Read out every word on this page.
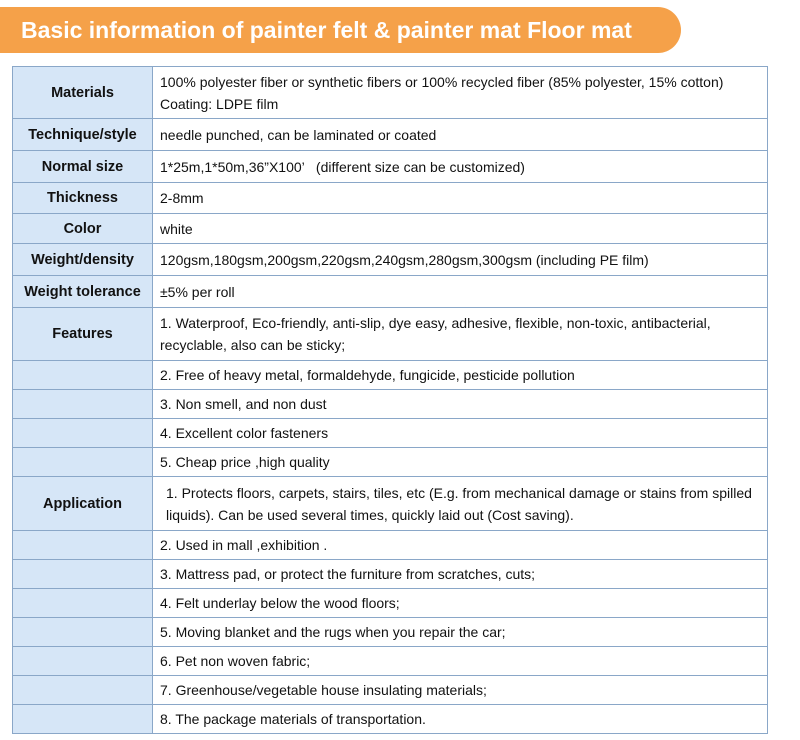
Basic information of painter felt & painter mat Floor mat
Materials	100% polyester fiber or synthetic fibers or 100% recycled fiber (85% polyester, 15% cotton) Coating: LDPE film
Technique/style	needle punched, can be laminated or coated
Normal size	1*25m,1*50m,36”X100’   (different size can be customized)
Thickness	2-8mm
Color	white
Weight/density	120gsm,180gsm,200gsm,220gsm,240gsm,280gsm,300gsm (including PE film)
Weight tolerance	±5% per roll
Features	1. Waterproof, Eco-friendly, anti-slip, dye easy, adhesive, flexible, non-toxic, antibacterial, recyclable, also can be sticky;
	2. Free of heavy metal, formaldehyde, fungicide, pesticide pollution
	3. Non smell, and non dust
	4. Excellent color fasteners
	5. Cheap price ,high quality
Application	1. Protects floors, carpets, stairs, tiles, etc (E.g. from mechanical damage or stains from spilled liquids). Can be used several times, quickly laid out (Cost saving).
	2. Used in mall ,exhibition .
	3. Mattress pad, or protect the furniture from scratches, cuts;
	4. Felt underlay below the wood floors;
	5. Moving blanket and the rugs when you repair the car;
	6. Pet non woven fabric;
	7. Greenhouse/vegetable house insulating materials;
	8. The package materials of transportation.
